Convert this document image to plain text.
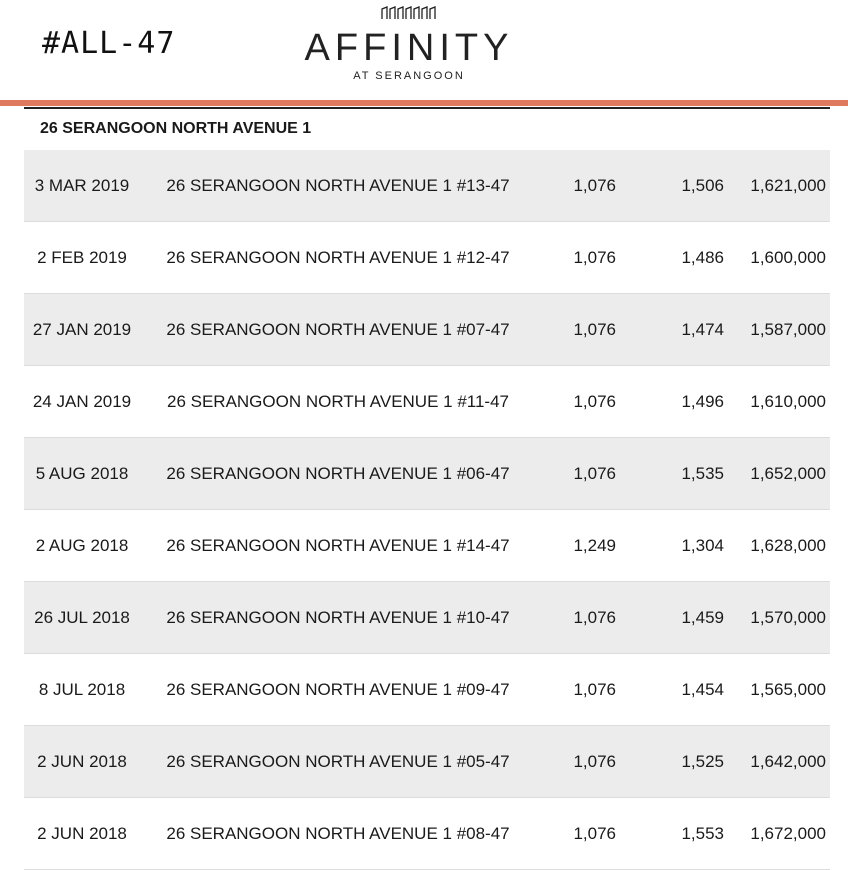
#ALL-47	AFFINITY
AT SERANGOON
26 SERANGOON NORTH AVENUE 1
3 MAR 2019	26 SERANGOON NORTH AVENUE 1 #13-47	1,076	1,506	1,621,000
2 FEB 2019	26 SERANGOON NORTH AVENUE 1 #12-47	1,076	1,486	1,600,000
27 JAN 2019	26 SERANGOON NORTH AVENUE 1 #07-47	1,076	1,474	1,587,000
24 JAN 2019	26 SERANGOON NORTH AVENUE 1 #11-47	1,076	1,496	1,610,000
5 AUG 2018	26 SERANGOON NORTH AVENUE 1 #06-47	1,076	1,535	1,652,000
2 AUG 2018	26 SERANGOON NORTH AVENUE 1 #14-47	1,249	1,304	1,628,000
26 JUL 2018	26 SERANGOON NORTH AVENUE 1 #10-47	1,076	1,459	1,570,000
8 JUL 2018	26 SERANGOON NORTH AVENUE 1 #09-47	1,076	1,454	1,565,000
2 JUN 2018	26 SERANGOON NORTH AVENUE 1 #05-47	1,076	1,525	1,642,000
2 JUN 2018	26 SERANGOON NORTH AVENUE 1 #08-47	1,076	1,553	1,672,000
